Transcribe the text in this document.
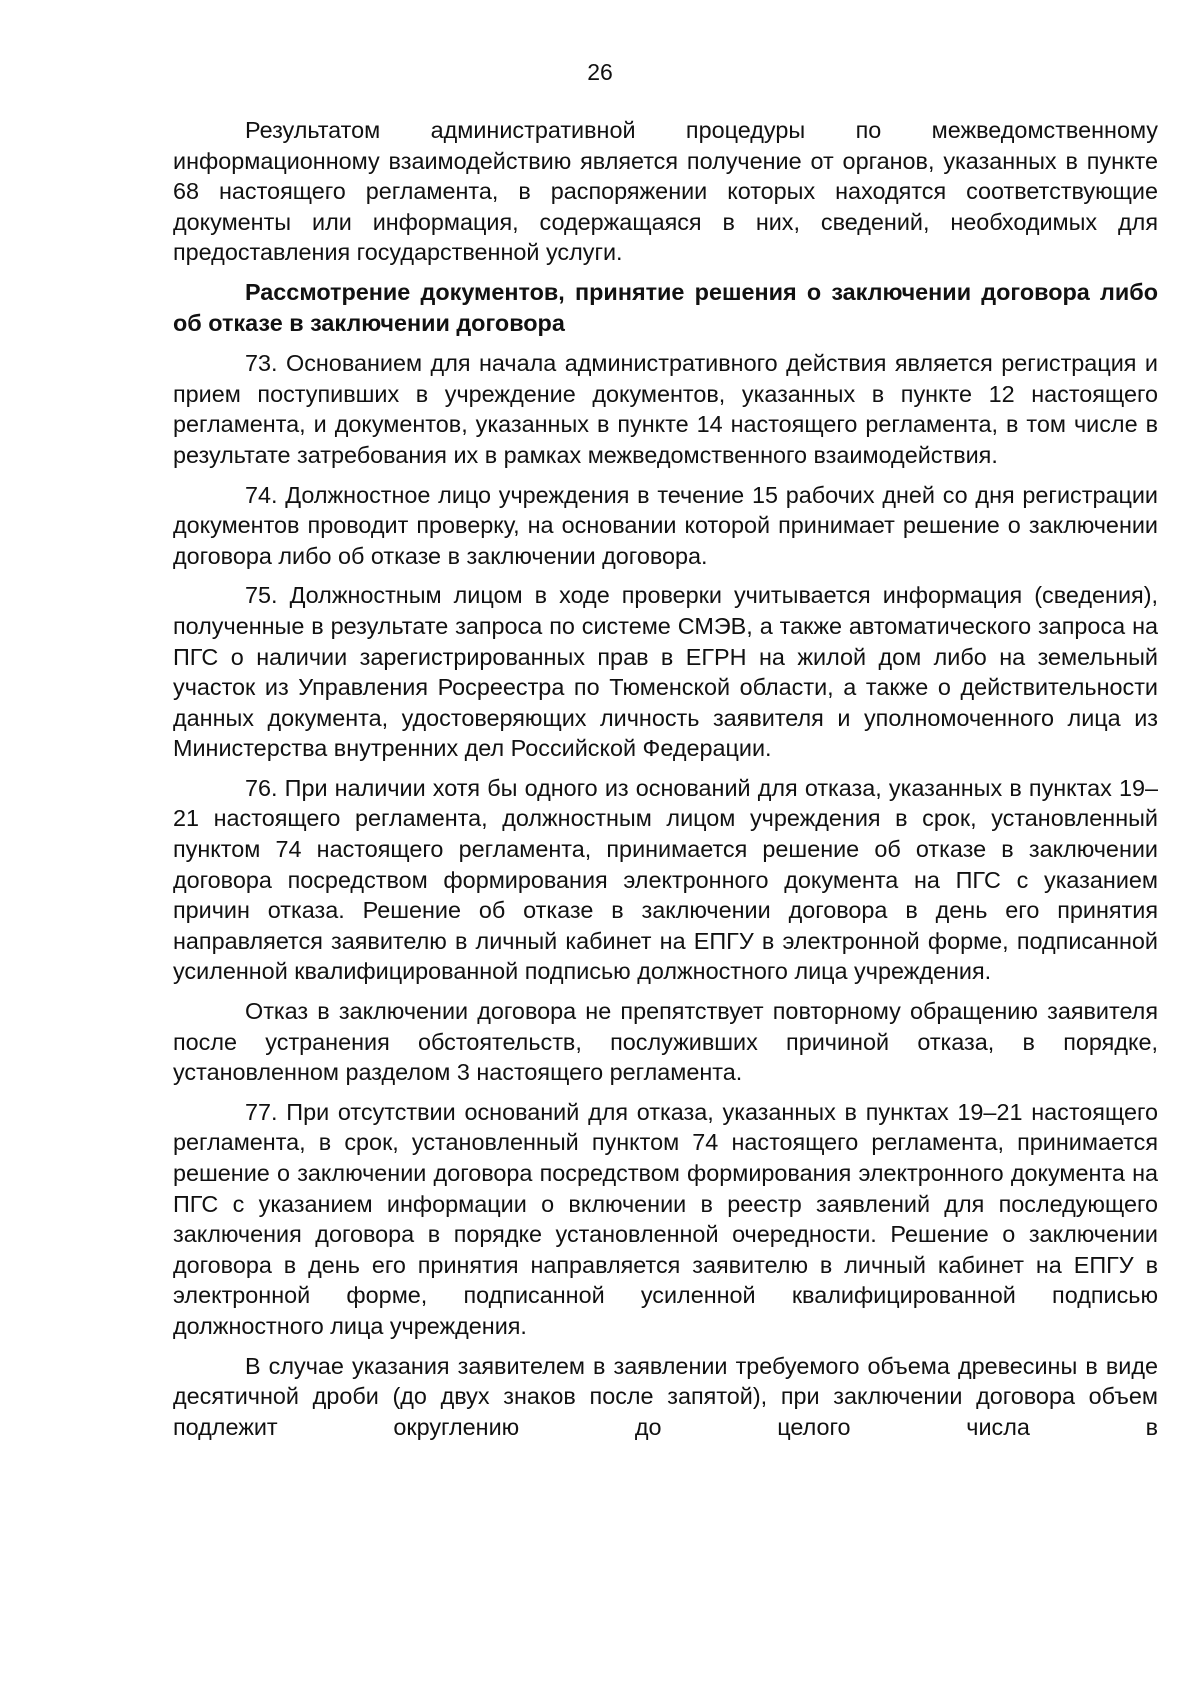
26

Результатом административной процедуры по межведомственному информационному взаимодействию является получение от органов, указанных в пункте 68 настоящего регламента, в распоряжении которых находятся соответствующие документы или информация, содержащаяся в них, сведений, необходимых для предоставления государственной услуги.

Рассмотрение документов, принятие решения о заключении договора либо об отказе в заключении договора

73. Основанием для начала административного действия является регистрация и прием поступивших в учреждение документов, указанных в пункте 12 настоящего регламента, и документов, указанных в пункте 14 настоящего регламента, в том числе в результате затребования их в рамках межведомственного взаимодействия.

74. Должностное лицо учреждения в течение 15 рабочих дней со дня регистрации документов проводит проверку, на основании которой принимает решение о заключении договора либо об отказе в заключении договора.

75. Должностным лицом в ходе проверки учитывается информация (сведения), полученные в результате запроса по системе СМЭВ, а также автоматического запроса на ПГС о наличии зарегистрированных прав в ЕГРН на жилой дом либо на земельный участок из Управления Росреестра по Тюменской области, а также о действительности данных документа, удостоверяющих личность заявителя и уполномоченного лица из Министерства внутренних дел Российской Федерации.

76. При наличии хотя бы одного из оснований для отказа, указанных в пунктах 19–21 настоящего регламента, должностным лицом учреждения в срок, установленный пунктом 74 настоящего регламента, принимается решение об отказе в заключении договора посредством формирования электронного документа на ПГС с указанием причин отказа. Решение об отказе в заключении договора в день его принятия направляется заявителю в личный кабинет на ЕПГУ в электронной форме, подписанной усиленной квалифицированной подписью должностного лица учреждения.

Отказ в заключении договора не препятствует повторному обращению заявителя после устранения обстоятельств, послуживших причиной отказа, в порядке, установленном разделом 3 настоящего регламента.

77. При отсутствии оснований для отказа, указанных в пунктах 19–21 настоящего регламента, в срок, установленный пунктом 74 настоящего регламента, принимается решение о заключении договора посредством формирования электронного документа на ПГС с указанием информации о включении в реестр заявлений для последующего заключения договора в порядке установленной очередности. Решение о заключении договора в день его принятия направляется заявителю в личный кабинет на ЕПГУ в электронной форме, подписанной усиленной квалифицированной подписью должностного лица учреждения.

В случае указания заявителем в заявлении требуемого объема древесины в виде десятичной дроби (до двух знаков после запятой), при заключении договора объем подлежит округлению до целого числа в
